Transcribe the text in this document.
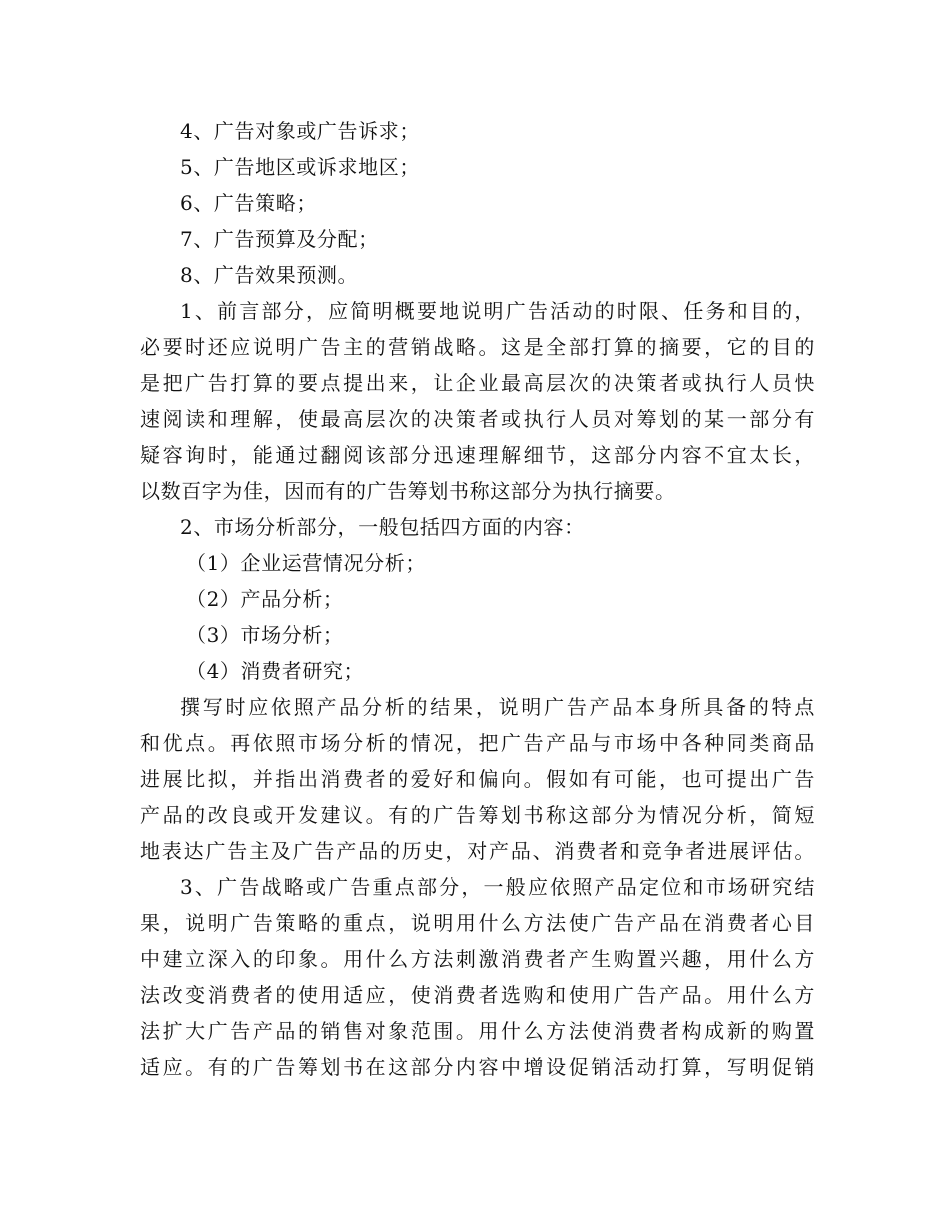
4、广告对象或广告诉求；
5、广告地区或诉求地区；
6、广告策略；
7、广告预算及分配；
8、广告效果预测。
1、前言部分，应简明概要地说明广告活动的时限、任务和目的，
必要时还应说明广告主的营销战略。这是全部打算的摘要，它的目的
是把广告打算的要点提出来，让企业最高层次的决策者或执行人员快
速阅读和理解，使最高层次的决策者或执行人员对筹划的某一部分有
疑容询时，能通过翻阅该部分迅速理解细节，这部分内容不宜太长，
以数百字为佳，因而有的广告筹划书称这部分为执行摘要。
2、市场分析部分，一般包括四方面的内容：
（1）企业运营情况分析；
（2）产品分析；
（3）市场分析；
（4）消费者研究；
撰写时应依照产品分析的结果，说明广告产品本身所具备的特点
和优点。再依照市场分析的情况，把广告产品与市场中各种同类商品
进展比拟，并指出消费者的爱好和偏向。假如有可能，也可提出广告
产品的改良或开发建议。有的广告筹划书称这部分为情况分析，简短
地表达广告主及广告产品的历史，对产品、消费者和竞争者进展评估。
3、广告战略或广告重点部分，一般应依照产品定位和市场研究结
果，说明广告策略的重点，说明用什么方法使广告产品在消费者心目
中建立深入的印象。用什么方法刺激消费者产生购置兴趣，用什么方
法改变消费者的使用适应，使消费者选购和使用广告产品。用什么方
法扩大广告产品的销售对象范围。用什么方法使消费者构成新的购置
适应。有的广告筹划书在这部分内容中增设促销活动打算，写明促销
